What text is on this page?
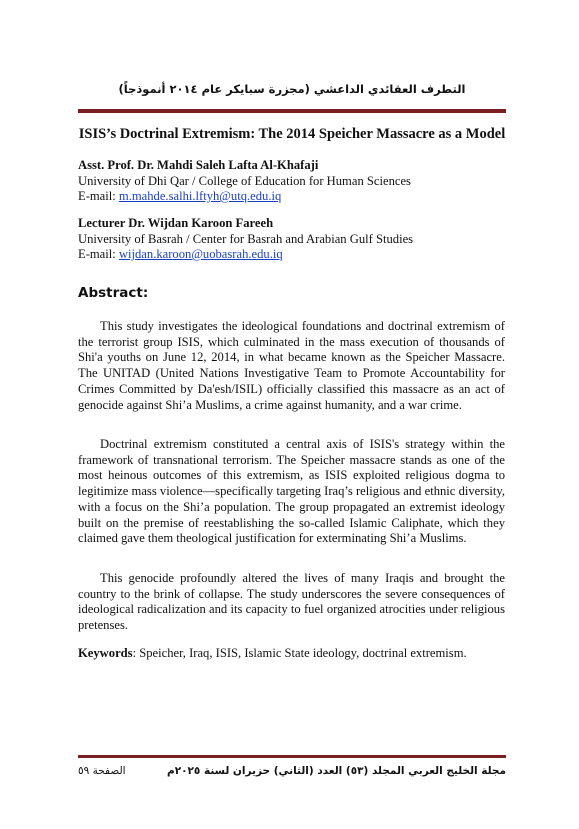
التطرف العقائدي الداعشي (مجزرة سبايكر عام ٢٠١٤ أنموذجاً)
ISIS’s Doctrinal Extremism: The 2014 Speicher Massacre as a Model
Asst. Prof. Dr. Mahdi Saleh Lafta Al-Khafaji
University of Dhi Qar / College of Education for Human Sciences
E-mail: m.mahde.salhi.lftyh@utq.edu.iq
Lecturer Dr. Wijdan Karoon Fareeh
University of Basrah / Center for Basrah and Arabian Gulf Studies
E-mail: wijdan.karoon@uobasrah.edu.iq
Abstract:
This study investigates the ideological foundations and doctrinal extremism of the terrorist group ISIS, which culminated in the mass execution of thousands of Shi'a youths on June 12, 2014, in what became known as the Speicher Massacre. The UNITAD (United Nations Investigative Team to Promote Accountability for Crimes Committed by Da'esh/ISIL) officially classified this massacre as an act of genocide against Shi’a Muslims, a crime against humanity, and a war crime.
Doctrinal extremism constituted a central axis of ISIS's strategy within the framework of transnational terrorism. The Speicher massacre stands as one of the most heinous outcomes of this extremism, as ISIS exploited religious dogma to legitimize mass violence—specifically targeting Iraq’s religious and ethnic diversity, with a focus on the Shi’a population. The group propagated an extremist ideology built on the premise of reestablishing the so-called Islamic Caliphate, which they claimed gave them theological justification for exterminating Shi’a Muslims.
This genocide profoundly altered the lives of many Iraqis and brought the country to the brink of collapse. The study underscores the severe consequences of ideological radicalization and its capacity to fuel organized atrocities under religious pretenses.
Keywords: Speicher, Iraq, ISIS, Islamic State ideology, doctrinal extremism.
مجلة الخليج العربي المجلد (٥٣) العدد (الثاني) حزيران لسنة ٢٠٢٥م
الصفحة ٥٩
